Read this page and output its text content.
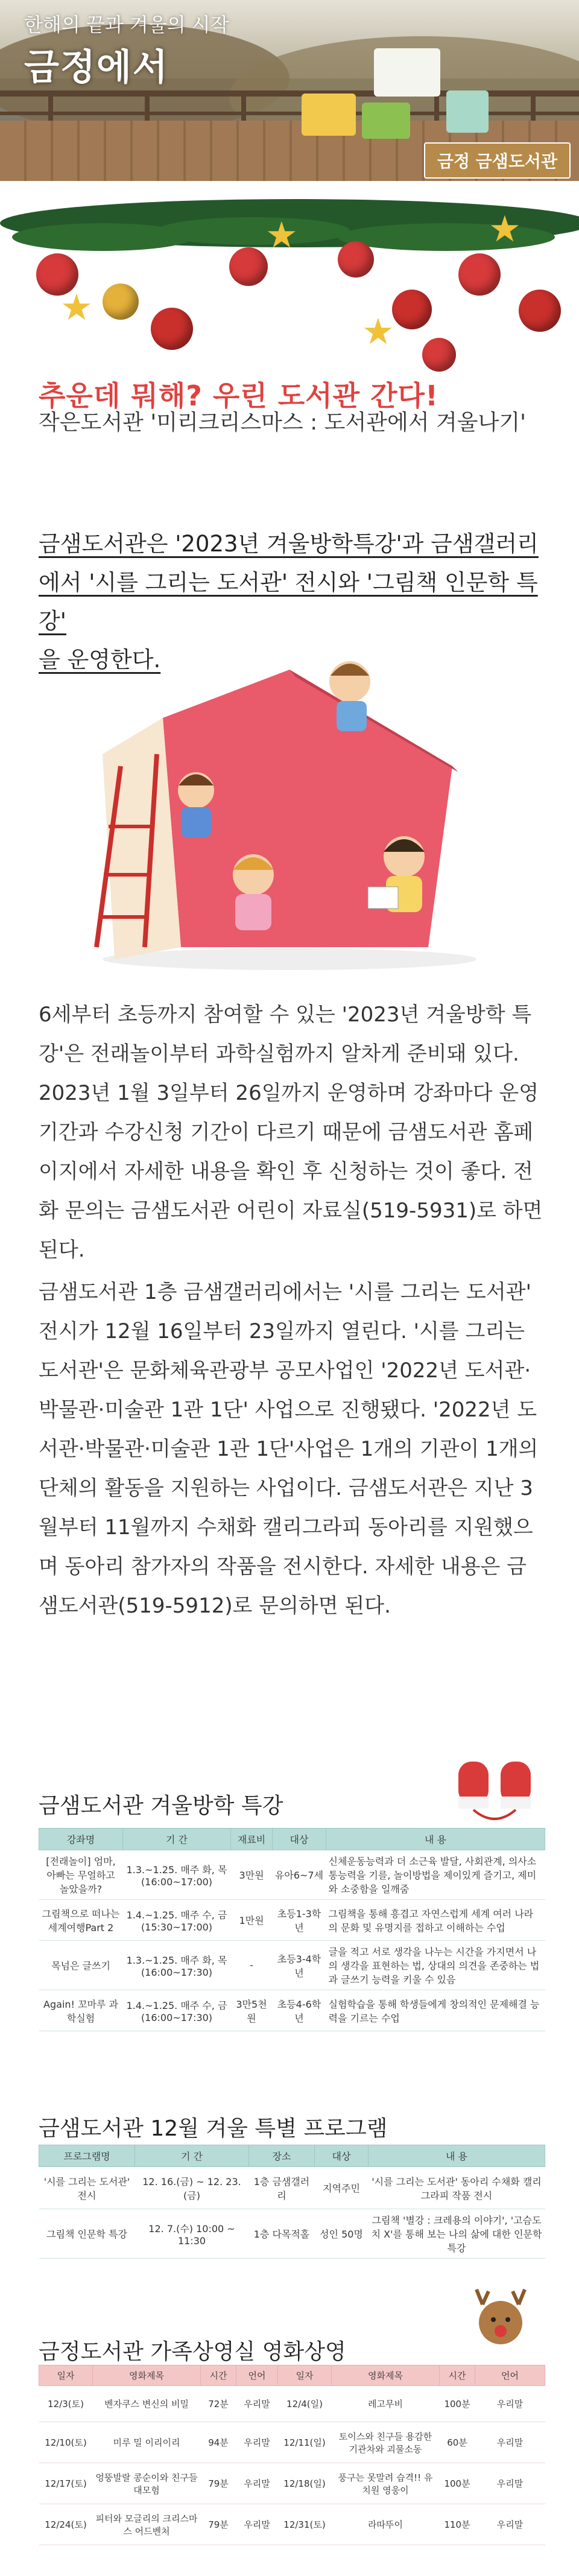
한해의 끝과 겨울의 시작
금정에서
금정 금샘도서관
★
★
★
★
추운데 뭐해? 우린 도서관 간다!
작은도서관 '미리크리스마스 : 도서관에서 겨울나기'
금샘도서관은 '2023년 겨울방학특강'과 금샘갤러리
에서 '시를 그리는 도서관' 전시와 '그림책 인문학 특강'
을 운영한다.
6세부터 초등까지 참여할 수 있는 '2023년 겨울방학 특강'은 전래놀이부터 과학실험까지 알차게 준비돼 있다. 2023년 1월 3일부터 26일까지 운영하며 강좌마다 운영기간과 수강신청 기간이 다르기 때문에 금샘도서관 홈페이지에서 자세한 내용을 확인 후 신청하는 것이 좋다. 전화 문의는 금샘도서관 어린이 자료실(519-5931)로 하면 된다.
금샘도서관 1층 금샘갤러리에서는 '시를 그리는 도서관' 전시가 12월 16일부터 23일까지 열린다. '시를 그리는 도서관'은 문화체육관광부 공모사업인 '2022년 도서관·박물관·미술관 1관 1단' 사업으로 진행됐다. '2022년 도서관·박물관·미술관 1관 1단'사업은 1개의 기관이 1개의 단체의 활동을 지원하는 사업이다. 금샘도서관은 지난 3월부터 11월까지 수채화 캘리그라피 동아리를 지원했으며 동아리 참가자의 작품을 전시한다. 자세한 내용은 금샘도서관(519-5912)로 문의하면 된다.
금샘도서관 겨울방학 특강
강좌명	기 간	재료비	대상	내 용
[전래놀이] 엄마, 아빠는 무얼하고 놀았을까?	1.3.~1.25. 매주 화, 목(16:00~17:00)	3만원	유아6~7세	신체운동능력과 더 소근육 발달, 사회관계, 의사소통능력을 기를, 놀이방법을 제이있게 즐기고, 제미와 소중함을 일깨줌
그림책으로 떠나는 세계여행Part 2	1.4.~1.25. 매주 수, 금(15:30~17:00)	1만원	초등1-3학년	그림책을 통해 흥겹고 자연스럽게 세계 여러 나라의 문화 및 유명지를 접하고 이해하는 수업
목넘은 글쓰기	1.3.~1.25. 매주 화, 목(16:00~17:30)	-	초등3-4학년	글을 적고 서로 생각을 나누는 시간을 가지면서 나의 생각을 표현하는 법, 상대의 의견을 존중하는 법과 글쓰기 능력을 키울 수 있음
Again! 꼬마루 과학실험	1.4.~1.25. 매주 수, 금(16:00~17:30)	3만5천원	초등4-6학년	실험학습을 통해 학생들에게 창의적인 문제해결 능력을 기르는 수업
금샘도서관 12월 겨울 특별 프로그램
프로그램명	기 간	장소	대상	내 용
'시를 그리는 도서관' 전시	12. 16.(금) ~ 12. 23.(금)	1층 금샘갤러리	지역주민	'시를 그리는 도서관' 동아리 수채화 캘리그라피 작품 전시
그림책 인문학 특강	12. 7.(수) 10:00 ~ 11:30	1층 다목적홀	성인 50명	그림책 '별강 : 크레용의 이야기', '고슴도치 X'를 통해 보는 나의 삶에 대한 인문학 특강
금정도서관 가족상영실 영화상영
일자	영화제목	시간	언어	일자	영화제목	시간	언어
12/3(토)	벤자쿠스 변신의 비밀	72분	우리말	12/4(일)	레고무비	100분	우리말
12/10(토)	미루 밀 이리이리	94분	우리말	12/11(일)	토이스와 친구들 용감한 기관차와 괴물소동	60분	우리말
12/17(토)	엉뚱발랄 콩순이와 친구들 대모험	79분	우리말	12/18(일)	풍구는 못말려 습격!! 유치원 영웅이	100분	우리말
12/24(토)	피터와 모글리의 크리스마스 어드벤처	79분	우리말	12/31(토)	라따뚜이	110분	우리말
